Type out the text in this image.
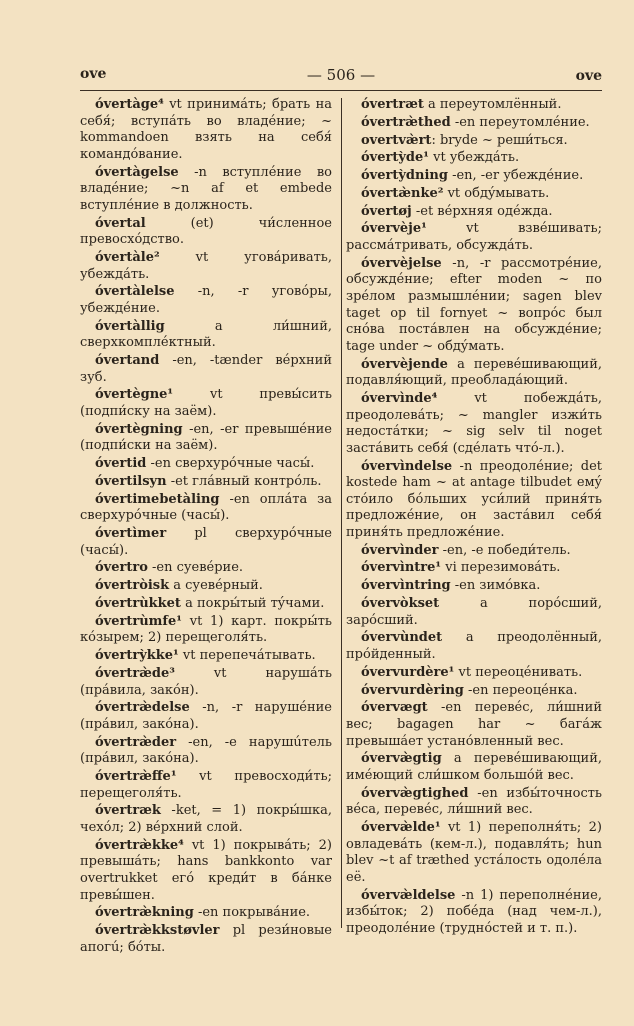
ove	— 506 —	ove

óvertàge⁴ vt принимáть; брать на себя́; вступáть во владéние; ~ kommandoen взять на себя́ командóвание.

óvertàgelse -n вступлéние во владéние; ~n af et embede вступлéние в должность.

óvertal (et) чи́сленное превосхóдство.

óvertàle² vt уговáривать, убеждáть.

óvertàlelse -n, -r уговóры, убеждéние.

óvertàllig a ли́шний, сверхкомплéктный.

óvertand -en, -tænder вéрхний зуб.

óvertègne¹ vt превы́сить (подпи́ску на заём).

óvertègning -en, -er превышéние (подпи́ски на заём).

óvertid -en сверхурóчные часы́.

óvertilsyn -et глáвный контрóль.

óvertimebetàling -en оплáта за сверхурóчные (часы́).

óvertìmer pl сверхурóчные (часы́).

óvertro -en суевéрие.

óvertròisk a суевéрный.

óvertrùkket a покры́тый тýчами.

óvertrùmfe¹ vt 1) карт. покры́ть кóзырем; 2) перещеголя́ть.

óvertrỳkke¹ vt перепечáтывать.

óvertræ̀de³ vt нарушáть (прáвила, закóн).

óvertræ̀delse -n, -r нарушéние (прáвил, закóна).

óvertræ̀der -en, -e нарушúтель (прáвил, закóна).

óvertræ̀ffe¹ vt превосходи́ть; перещеголя́ть.

óvertræk -ket, = 1) покры́шка, чехóл; 2) вéрхний слой.

óvertræ̀kke⁴ vt 1) покрывáть; 2) превышáть; hans bankkonto var overtrukket егó креди́т в бáнке превы́шен.

óvertræ̀kning -en покрывáние.

óvertræ̀kkstøvler pl рези́новые апогú; бóты.

óvertræt a переутомлённый.

óvertræ̀thed -en переутомлéние.

overtvæ̀rt: bryde ~ реши́ться.

óvertỳde¹ vt убеждáть.

óvertỳdning -en, -er убеждéние.

óvertæ̀nke² vt обдýмывать.

óvertøj -et вéрхняя одéжда.

óvervèje¹ vt взвéшивать; рассмáтривать, обсуждáть.

óvervèjelse -n, -r рассмотрéние, обсуждéние; efter moden ~ по зрéлом размышлéнии; sagen blev taget op til fornyet ~ вопрóс был снóва постáвлен на обсуждéние; tage under ~ обдýмать.

óvervèjende a перевéшивающий, подавля́ющий, преобладáющий.

óvervìnde⁴ vt побеждáть, преодолевáть; ~ mangler изжи́ть недостáтки; ~ sig selv til noget застáвить себя́ (сдéлать чтó-л.).

óvervìndelse -n преодолéние; det kostede ham ~ at antage tilbudet емý стóило бóльших уси́лий приня́ть предложéние, он застáвил себя́ приня́ть предложéние.

óvervìnder -en, -e победи́тель.

óvervìntre¹ vi перезимовáть.

óvervìntring -en зимóвка.

óvervòkset a порóсший, зарóсший.

óvervùndet a преодолённый, прóйденный.

óvervurdère¹ vt переоцéнивать.

óvervurdèring -en переоцéнка.

óvervægt -en перевéс, ли́шний вес; bagagen har ~ багáж превышáет устанóвленный вес.

óvervæ̀gtig a перевéшивающий, имéющий сли́шком большóй вес.

óvervæ̀gtighed -en избы́точность вéса, перевéс, ли́шний вес.

óvervæ̀lde¹ vt 1) переполня́ть; 2) овладевáть (кем-л.), подавля́ть; hun blev ~t af træthed устáлость одолéла её.

óvervæ̀ldelse -n 1) переполнéние, избы́ток; 2) побéда (над чем-л.), преодолéние (труднóстей и т. п.).
